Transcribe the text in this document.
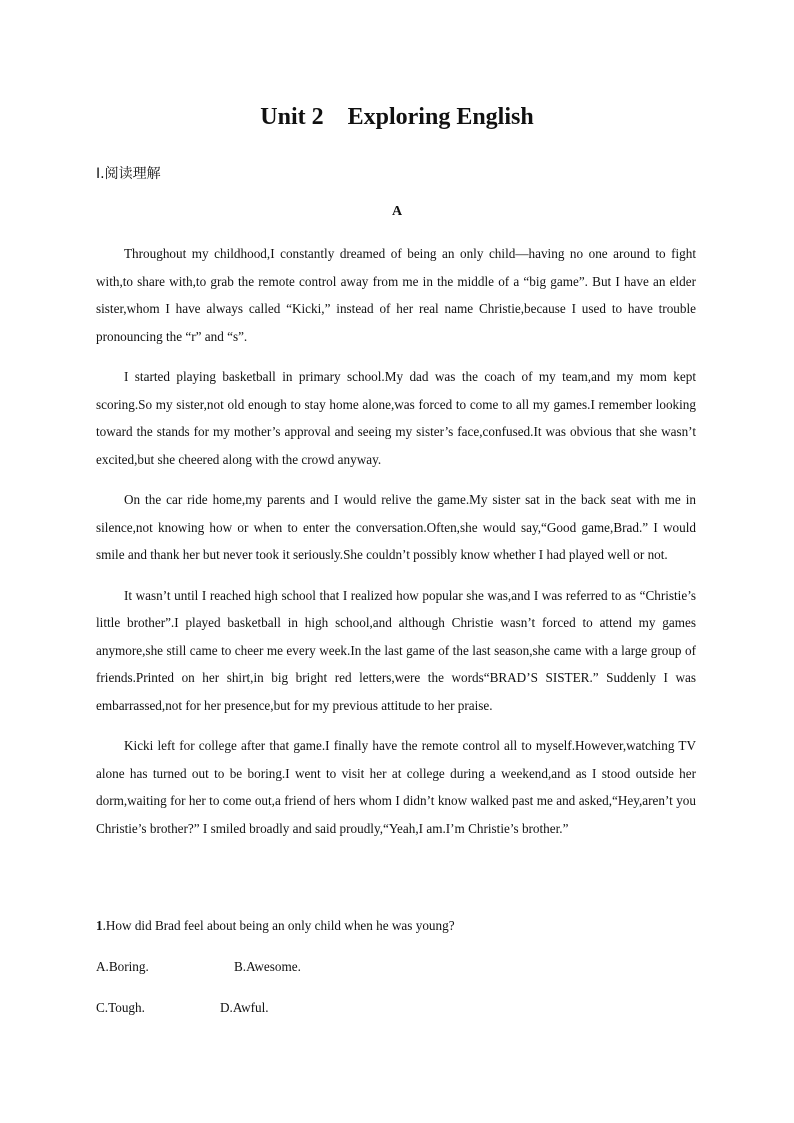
Unit 2    Exploring English
Ⅰ.阅读理解
A

Throughout my childhood,I constantly dreamed of being an only child—having no one around to fight with,to share with,to grab the remote control away from me in the middle of a “big game”. But I have an elder sister,whom I have always called “Kicki,” instead of her real name Christie,because I used to have trouble pronouncing the “r” and “s”.

I started playing basketball in primary school.My dad was the coach of my team,and my mom kept scoring.So my sister,not old enough to stay home alone,was forced to come to all my games.I remember looking toward the stands for my mother’s approval and seeing my sister’s face,confused.It was obvious that she wasn’t excited,but she cheered along with the crowd anyway.

On the car ride home,my parents and I would relive the game.My sister sat in the back seat with me in silence,not knowing how or when to enter the conversation.Often,she would say,“Good game,Brad.” I would smile and thank her but never took it seriously.She couldn’t possibly know whether I had played well or not.

It wasn’t until I reached high school that I realized how popular she was,and I was referred to as “Christie’s little brother”.I played basketball in high school,and although Christie wasn’t forced to attend my games anymore,she still came to cheer me every week.In the last game of the last season,she came with a large group of friends.Printed on her shirt,in big bright red letters,were the words“BRAD’S SISTER.” Suddenly I was embarrassed,not for her presence,but for my previous attitude to her praise.

Kicki left for college after that game.I finally have the remote control all to myself.However,watching TV alone has turned out to be boring.I went to visit her at college during a weekend,and as I stood outside her dorm,waiting for her to come out,a friend of hers whom I didn’t know walked past me and asked,“Hey,aren’t you Christie’s brother?” I smiled broadly and said proudly,“Yeah,I am.I’m Christie’s brother.”

1.How did Brad feel about being an only child when he was young?
A.Boring.	B.Awesome.
C.Tough.	D.Awful.
